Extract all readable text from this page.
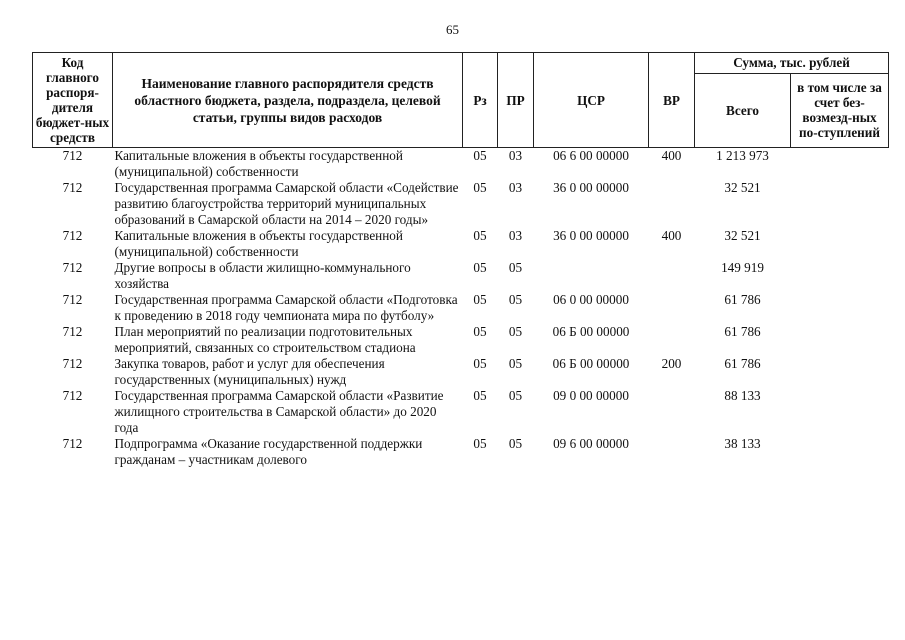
65
Код главного распоря-дителя бюджет-ных средств	Наименование главного распорядителя средств областного бюджета, раздела, подраздела, целевой статьи, группы видов расходов	Рз	ПР	ЦСР	ВР	Сумма, тыс. рублей	
						Всего	в том числе за счет без-возмезд-ных по-ступлений
712	Капитальные вложения в объекты государственной (муниципальной) собственности	05	03	06 6 00 00000	400	1 213 973	
712	Государственная программа Самарской области «Содействие развитию благоустройства территорий муниципальных образований в Самарской области на 2014 – 2020 годы»	05	03	36 0 00 00000		32 521	
712	Капитальные вложения в объекты государственной (муниципальной) собственности	05	03	36 0 00 00000	400	32 521	
712	Другие вопросы в области жилищно-коммунального хозяйства	05	05			149 919	
712	Государственная программа Самарской области «Подготовка к проведению в 2018 году чемпионата мира по футболу»	05	05	06 0 00 00000		61 786	
712	План мероприятий по реализации подготовительных мероприятий, связанных со строительством стадиона	05	05	06 Б 00 00000		61 786	
712	Закупка товаров, работ и услуг для обеспечения государственных (муниципальных) нужд	05	05	06 Б 00 00000	200	61 786	
712	Государственная программа Самарской области «Развитие жилищного строительства в Самарской области» до 2020 года	05	05	09 0 00 00000		88 133	
712	Подпрограмма «Оказание государственной поддержки гражданам – участникам долевого	05	05	09 6 00 00000		38 133	
